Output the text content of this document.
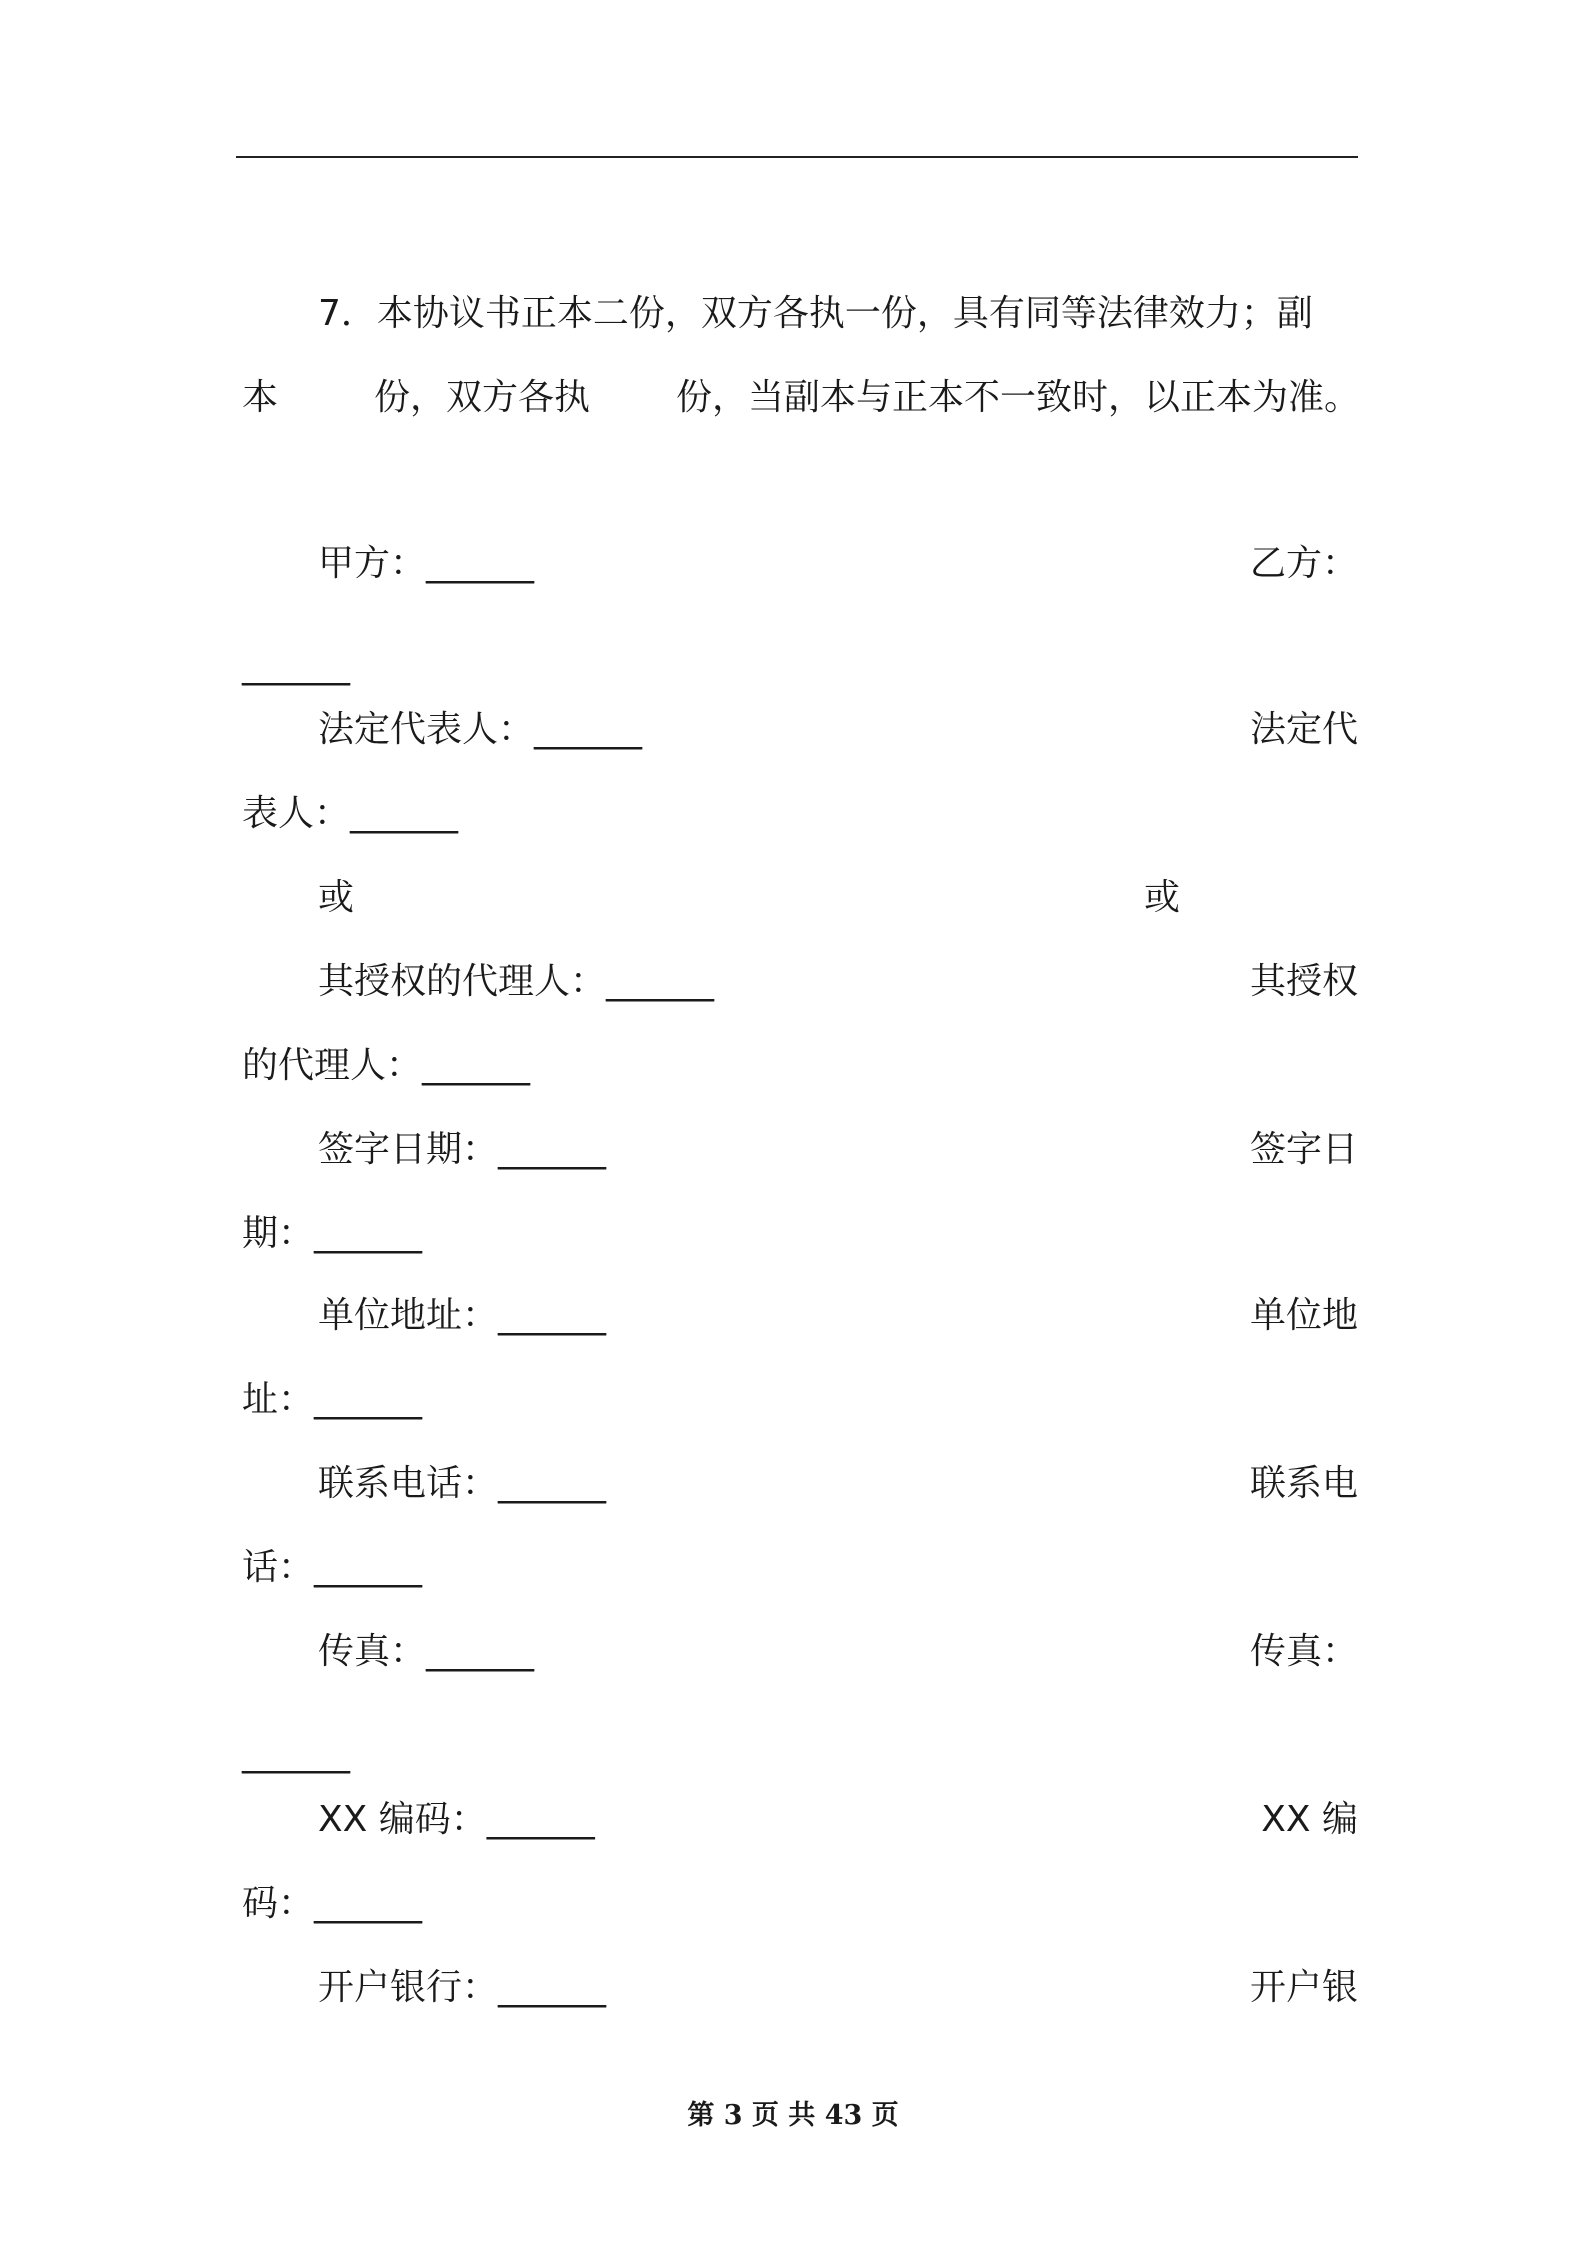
7．本协议书正本二份，双方各执一份，具有同等法律效力；副
本	份，双方各执 份，当副本与正本不一致时，以正本为准。
甲方：______	乙方：
______
法定代表人：______	法定代
表人：______
或	或
其授权的代理人：______	其授权
的代理人：______
签字日期：______	签字日
期：______
单位地址：______	单位地
址：______
联系电话：______	联系电
话：______
传真：______	传真：
______
XX 编码：______	XX 编
码：______
开户银行：______	开户银
第 3 页 共 43 页
